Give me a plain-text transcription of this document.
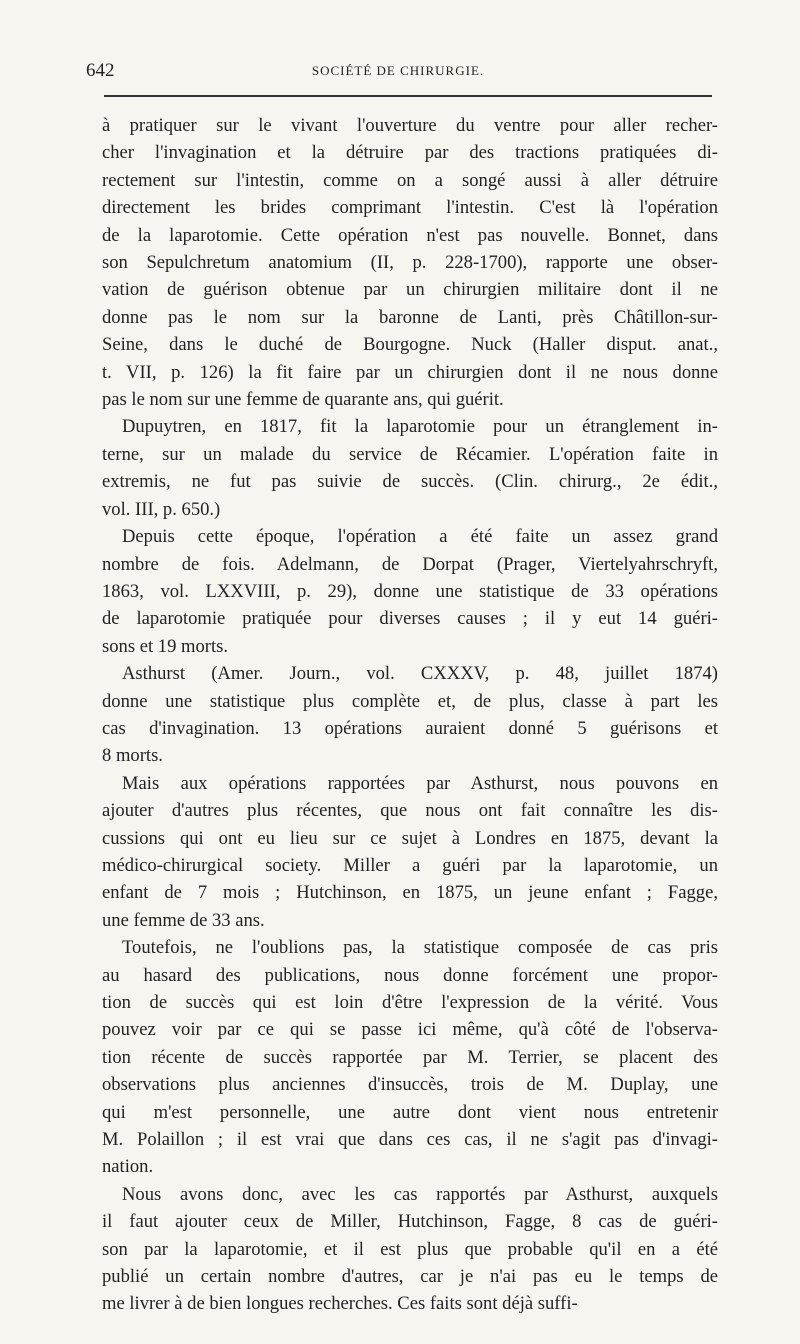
642	SOCIÉTÉ DE CHIRURGIE.

à pratiquer sur le vivant l'ouverture du ventre pour aller recher-
cher l'invagination et la détruire par des tractions pratiquées di-
rectement sur l'intestin, comme on a songé aussi à aller détruire
directement les brides comprimant l'intestin. C'est là l'opération
de la laparotomie. Cette opération n'est pas nouvelle. Bonnet, dans
son Sepulchretum anatomium (II, p. 228-1700), rapporte une obser-
vation de guérison obtenue par un chirurgien militaire dont il ne
donne pas le nom sur la baronne de Lanti, près Châtillon-sur-
Seine, dans le duché de Bourgogne. Nuck (Haller disput. anat.,
t. VII, p. 126) la fit faire par un chirurgien dont il ne nous donne
pas le nom sur une femme de quarante ans, qui guérit.

Dupuytren, en 1817, fit la laparotomie pour un étranglement in-
terne, sur un malade du service de Récamier. L'opération faite in
extremis, ne fut pas suivie de succès. (Clin. chirurg., 2e édit.,
vol. III, p. 650.)

Depuis cette époque, l'opération a été faite un assez grand
nombre de fois. Adelmann, de Dorpat (Prager, Viertelyahrschryft,
1863, vol. LXXVIII, p. 29), donne une statistique de 33 opérations
de laparotomie pratiquée pour diverses causes ; il y eut 14 guéri-
sons et 19 morts.

Asthurst (Amer. Journ., vol. CXXXV, p. 48, juillet 1874)
donne une statistique plus complète et, de plus, classe à part les
cas d'invagination. 13 opérations auraient donné 5 guérisons et
8 morts.

Mais aux opérations rapportées par Asthurst, nous pouvons en
ajouter d'autres plus récentes, que nous ont fait connaître les dis-
cussions qui ont eu lieu sur ce sujet à Londres en 1875, devant la
médico-chirurgical society. Miller a guéri par la laparotomie, un
enfant de 7 mois ; Hutchinson, en 1875, un jeune enfant ; Fagge,
une femme de 33 ans.

Toutefois, ne l'oublions pas, la statistique composée de cas pris
au hasard des publications, nous donne forcément une propor-
tion de succès qui est loin d'être l'expression de la vérité. Vous
pouvez voir par ce qui se passe ici même, qu'à côté de l'observa-
tion récente de succès rapportée par M. Terrier, se placent des
observations plus anciennes d'insuccès, trois de M. Duplay, une
qui m'est personnelle, une autre dont vient nous entretenir
M. Polaillon ; il est vrai que dans ces cas, il ne s'agit pas d'invagi-
nation.

Nous avons donc, avec les cas rapportés par Asthurst, auxquels
il faut ajouter ceux de Miller, Hutchinson, Fagge, 8 cas de guéri-
son par la laparotomie, et il est plus que probable qu'il en a été
publié un certain nombre d'autres, car je n'ai pas eu le temps de
me livrer à de bien longues recherches. Ces faits sont déjà suffi-
